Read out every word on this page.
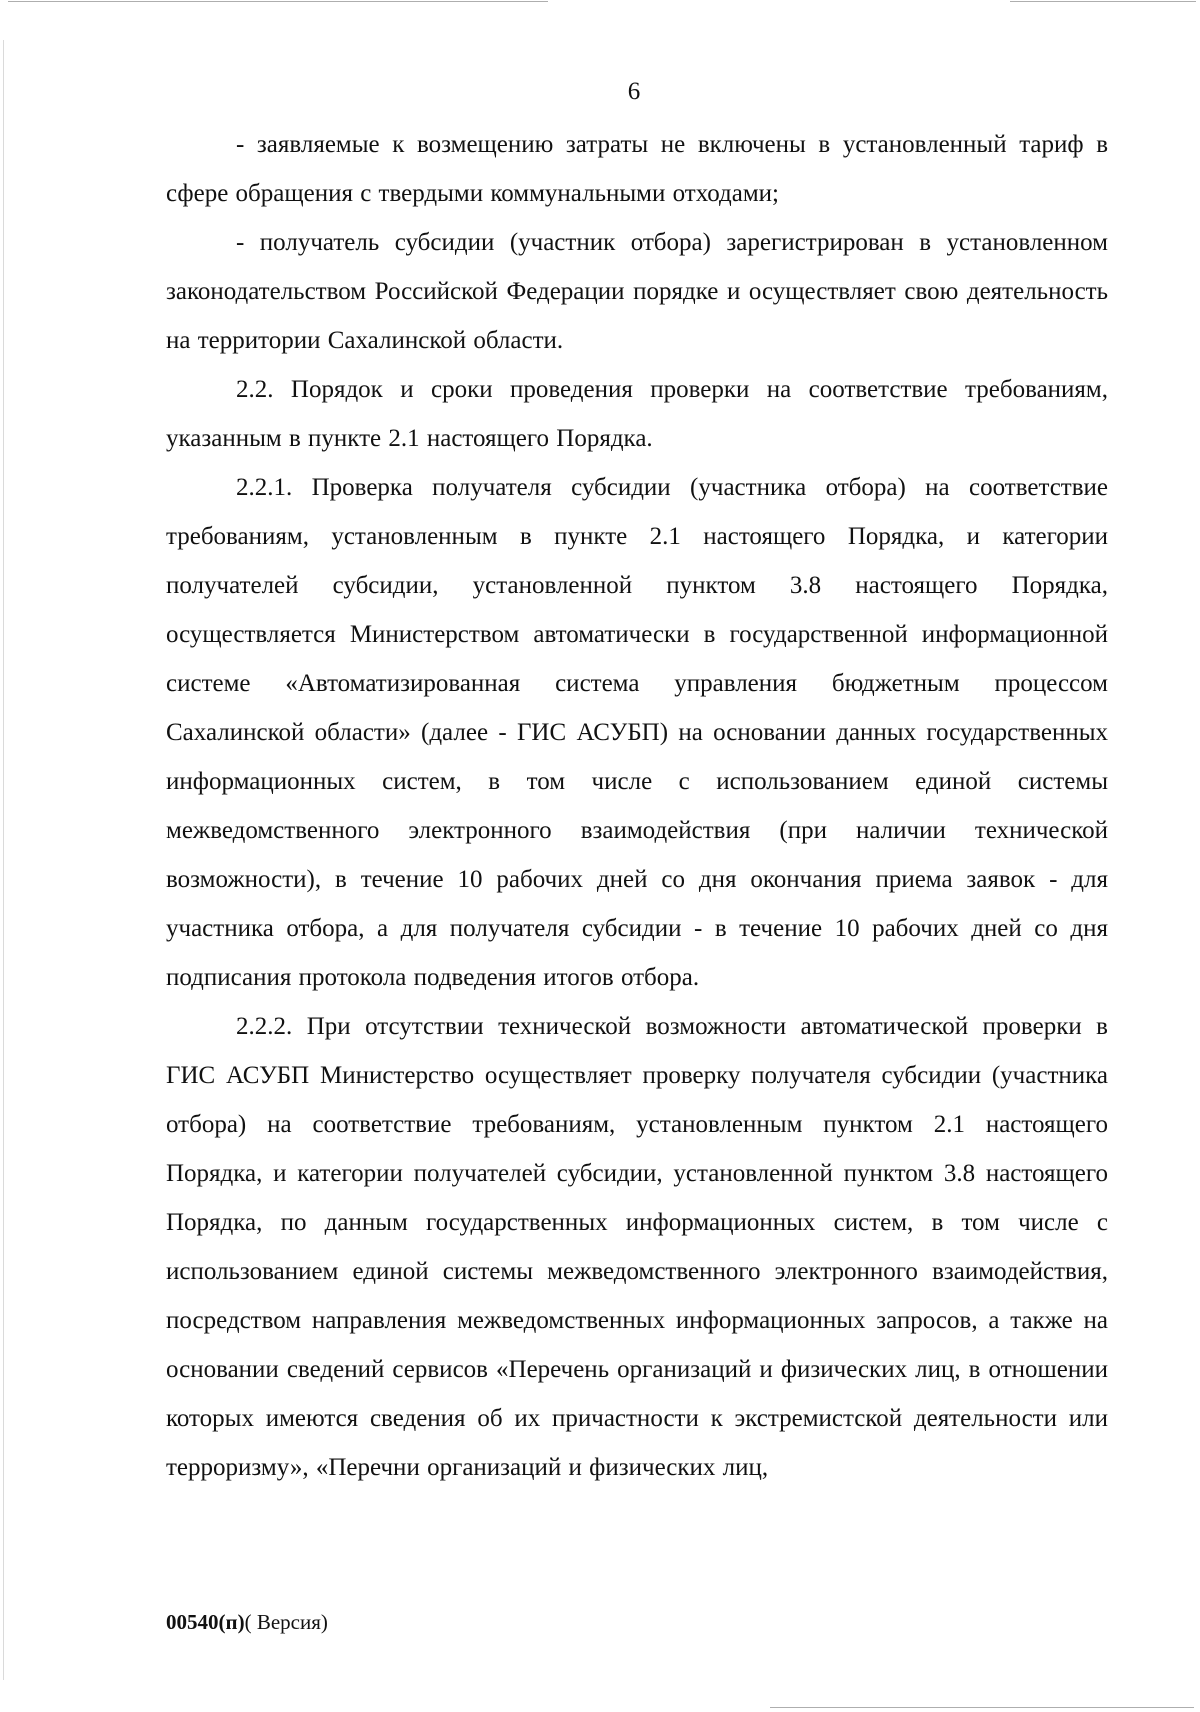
6

- заявляемые к возмещению затраты не включены в установленный тариф в сфере обращения с твердыми коммунальными отходами;

- получатель субсидии (участник отбора) зарегистрирован в установленном законодательством Российской Федерации порядке и осуществляет свою деятельность на территории Сахалинской области.

2.2. Порядок и сроки проведения проверки на соответствие требованиям, указанным в пункте 2.1 настоящего Порядка.

2.2.1. Проверка получателя субсидии (участника отбора) на соответствие требованиям, установленным в пункте 2.1 настоящего Порядка, и категории получателей субсидии, установленной пунктом 3.8 настоящего Порядка, осуществляется Министерством автоматически в государственной информационной системе «Автоматизированная система управления бюджетным процессом Сахалинской области» (далее - ГИС АСУБП) на основании данных государственных информационных систем, в том числе с использованием единой системы межведомственного электронного взаимодействия (при наличии технической возможности), в течение 10 рабочих дней со дня окончания приема заявок - для участника отбора, а для получателя субсидии - в течение 10 рабочих дней со дня подписания протокола подведения итогов отбора.

2.2.2. При отсутствии технической возможности автоматической проверки в ГИС АСУБП Министерство осуществляет проверку получателя субсидии (участника отбора) на соответствие требованиям, установленным пунктом 2.1 настоящего Порядка, и категории получателей субсидии, установленной пунктом 3.8 настоящего Порядка, по данным государственных информационных систем, в том числе с использованием единой системы межведомственного электронного взаимодействия, посредством направления межведомственных информационных запросов, а также на основании сведений сервисов «Перечень организаций и физических лиц, в отношении которых имеются сведения об их причастности к экстремистской деятельности или терроризму», «Перечни организаций и физических лиц,

00540(п)( Версия)
